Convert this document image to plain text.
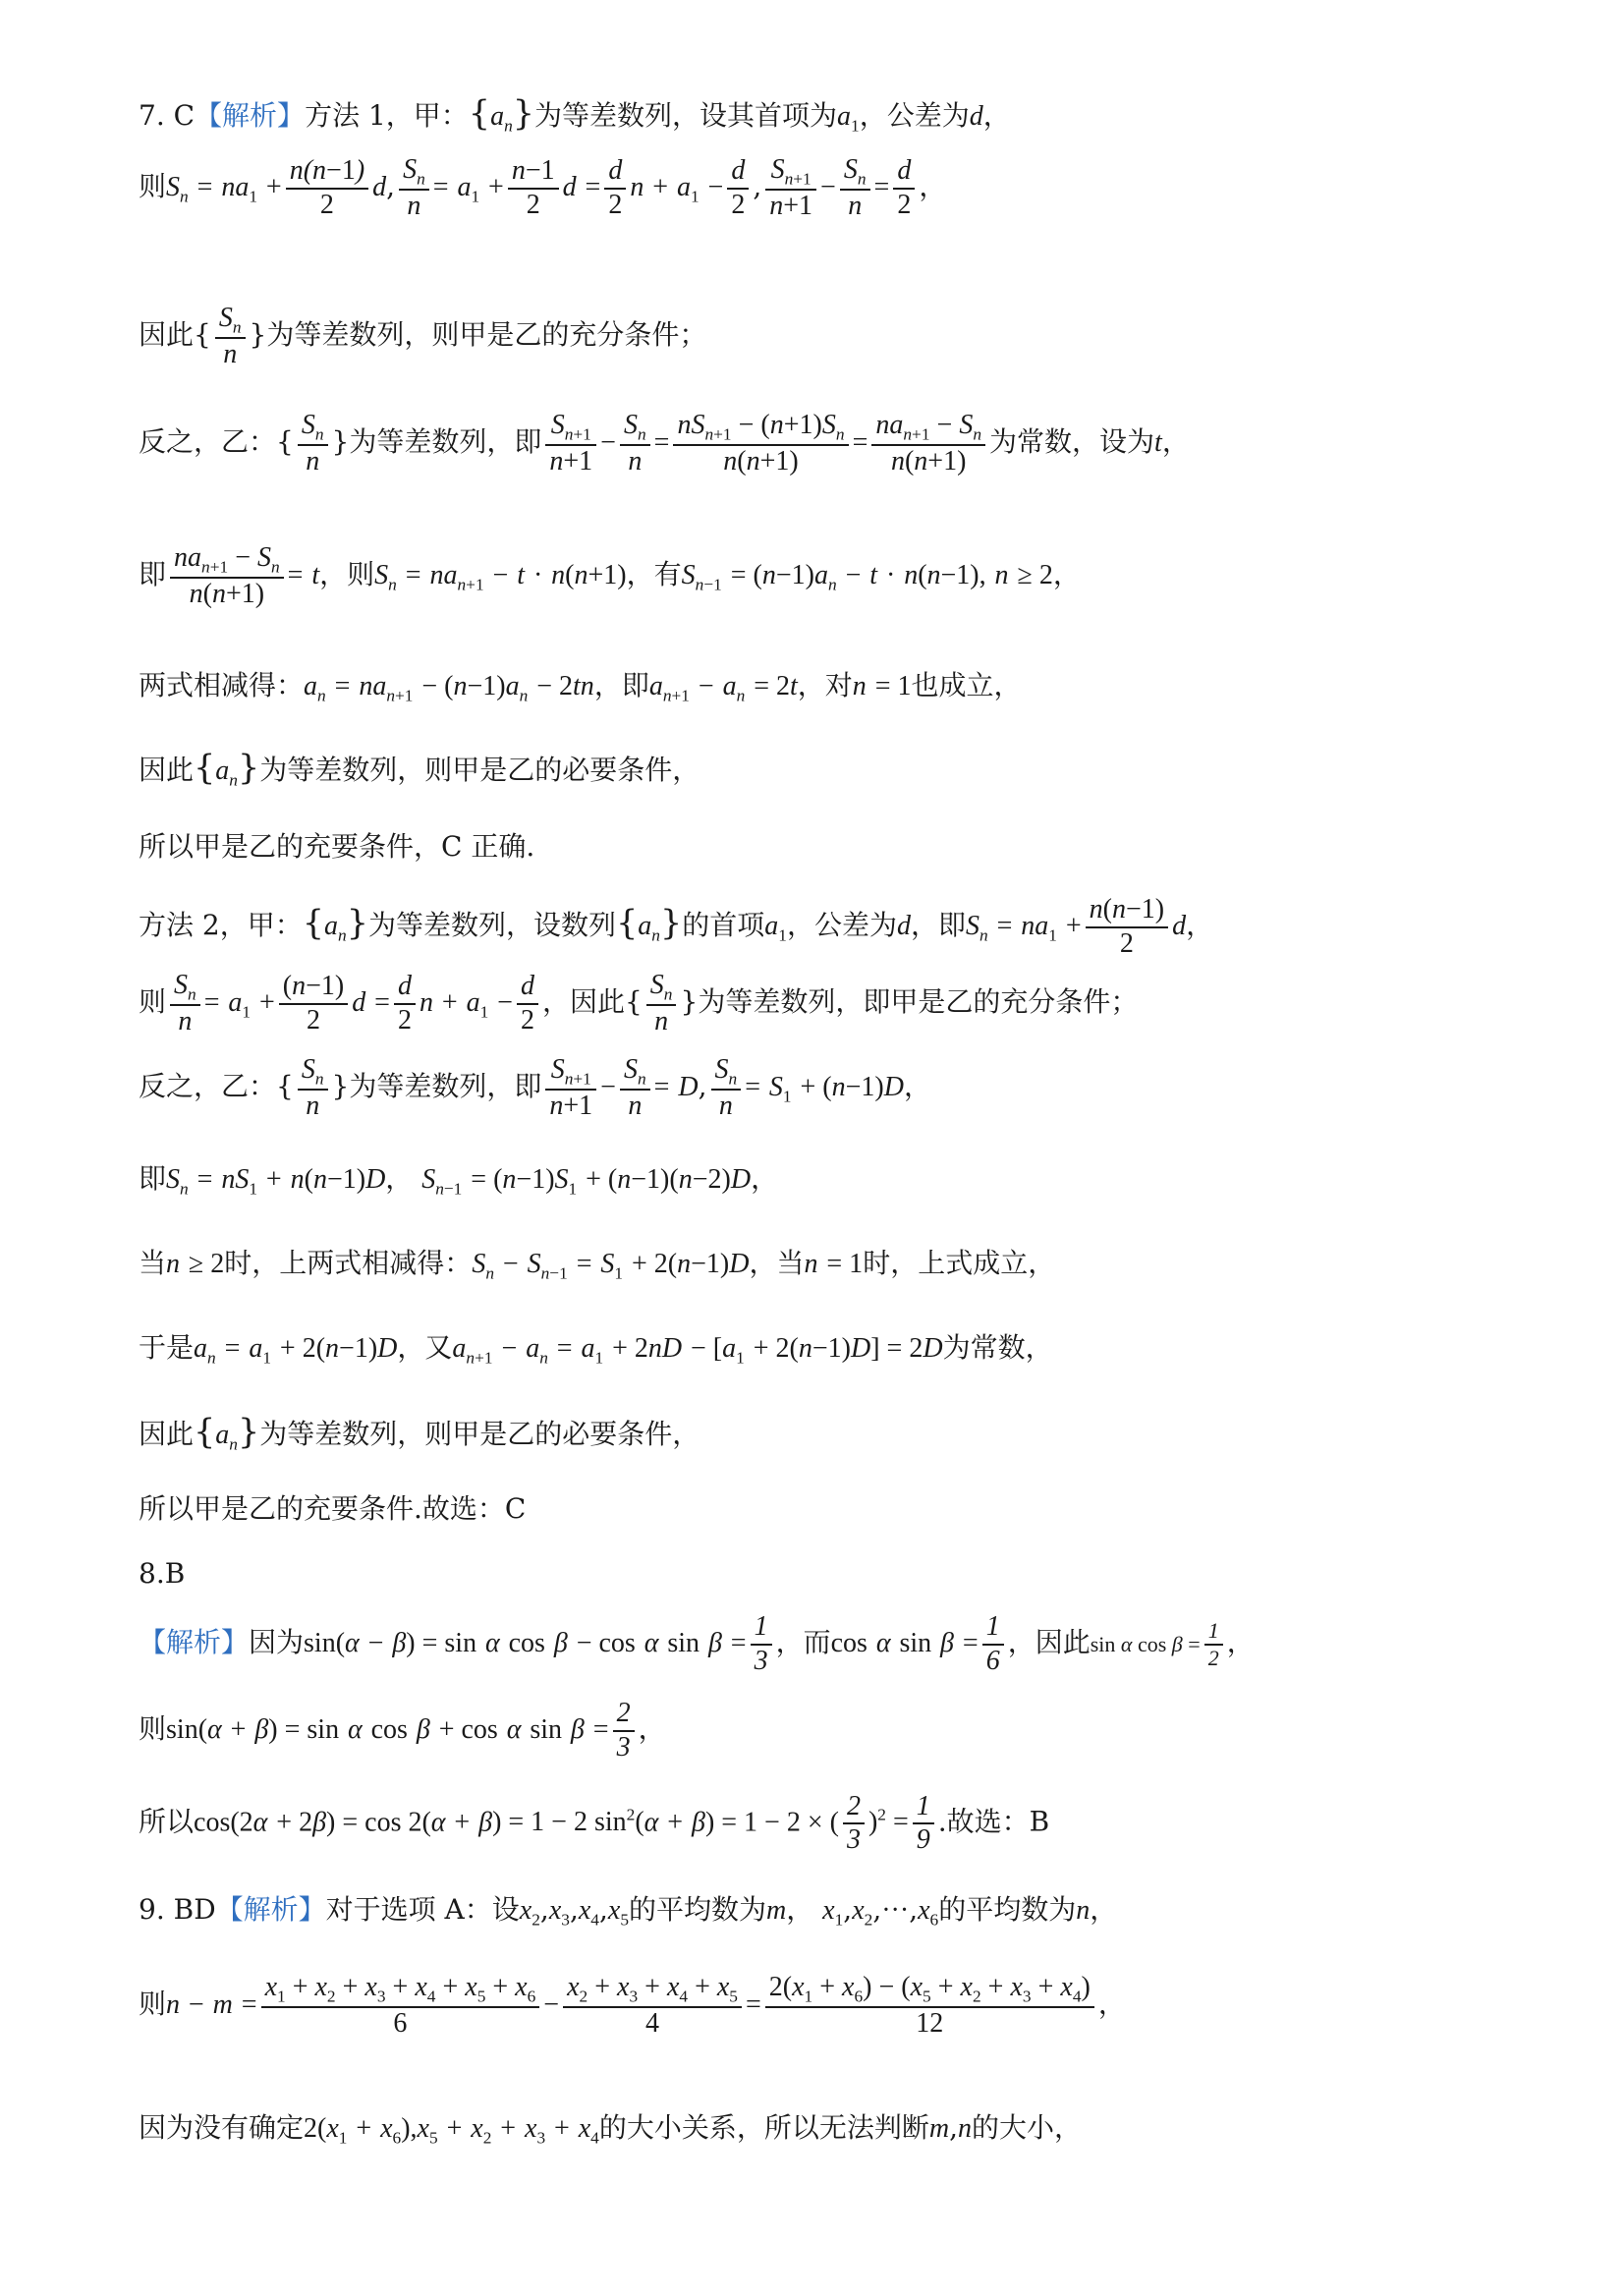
7. C【解析】方法 1，甲：$\{a_n\}$为等差数列，设其首项为$a_1$，公差为d，
则$S_n = na_1 + \frac{n(n-1)}{2} d$, $\frac{S_n}{n} = a_1 + \frac{n-1}{2}$ $d = \frac{d}{2}$ $n + a_1 - \frac{d}{2}$ , $\frac{S_{n+1}}{n+1} - \frac{S_n}{n} = \frac{d}{2}$ ，
因此{ $\frac{S_n}{n}$ }为等差数列，则甲是乙的充分条件；
反之，乙：{ $\frac{S_n}{n}$ }为等差数列，即 $\frac{S_{n+1}}{n+1} - \frac{S_n}{n} = \frac{nS_{n+1} - (n+1)S_n}{n(n+1)} = \frac{na_{n+1} - S_n}{n(n+1)}$ 为常数，设为t，
即 $\frac{na_{n+1} - S_n}{n(n+1)} = t$，则$S_n = na_{n+1} - t \cdot n(n+1)$，有$S_{n-1} = (n-1)a_n - t \cdot n(n-1)$, n ≥ 2，
两式相减得：$a_n = na_{n+1} - (n-1)a_n - 2tn$，即$a_{n+1} - a_n = 2t$，对n = 1也成立，
因此$\{a_n\}$为等差数列，则甲是乙的必要条件，
所以甲是乙的充要条件，C 正确.
方法 2，甲：$\{a_n\}$为等差数列，设数列$\{a_n\}$的首项$a_1$，公差为d，即$S_n = na_1 + \frac{n(n-1)}{2}$ d，
则 $\frac{S_n}{n} = a_1 + \frac{(n-1)}{2}$ $d = \frac{d}{2}$ $n + a_1 - \frac{d}{2}$ ，因此{ $\frac{S_n}{n}$ }为等差数列，即甲是乙的充分条件；
反之，乙：{ $\frac{S_n}{n}$ }为等差数列，即 $\frac{S_{n+1}}{n+1} - \frac{S_n}{n} = D$, $\frac{S_n}{n} = S_1 + (n-1)D$，
即$S_n = nS_1 + n(n-1)D$， $S_{n-1} = (n-1)S_1 + (n-1)(n-2)D$，
当n ≥ 2时，上两式相减得：$S_n - S_{n-1} = S_1 + 2(n-1)D$，当n = 1时，上式成立，
于是$a_n = a_1 + 2(n-1)D$，又$a_{n+1} - a_n = a_1 + 2nD - [a_1 + 2(n-1)D] = 2D$为常数，
因此$\{a_n\}$为等差数列，则甲是乙的必要条件，
所以甲是乙的充要条件.故选：C
8.B
【解析】因为sin(α − β) = sin α cos β − cos α $\sin \beta = \frac{1}{3}$ ，而cos α $\sin \beta = \frac{1}{6}$ ，因此sin α $\cos \beta = \frac{1}{2}$ ，
则sin(α + β) = sin α cos β + cos α $\sin \beta = \frac{2}{3}$ ，
所以cos(2α + 2β) = cos 2(α + β) = 1 − 2 $\sin^2(\alpha + \beta) = 1 - 2$ × ( $\frac{2}{3} )^2 = \frac{1}{9}$ .故选：B
9. BD【解析】对于选项 A：设$x_2,x_3,x_4,x_5$的平均数为m， $x_1,x_2,\cdot\cdot\cdot,x_6$的平均数为n，
则$n - m = \frac{x_1 + x_2 + x_3 + x_4 + x_5 + x_6}{6} - \frac{x_2 + x_3 + x_4 + x_5}{4} = \frac{2(x_1 + x_6) - (x_5 + x_2 + x_3 + x_4)}{12}$ ，
因为没有确定$2(x_1 + x_6),x_5 + x_2 + x_3 + x_4$的大小关系，所以无法判断m,n的大小，
